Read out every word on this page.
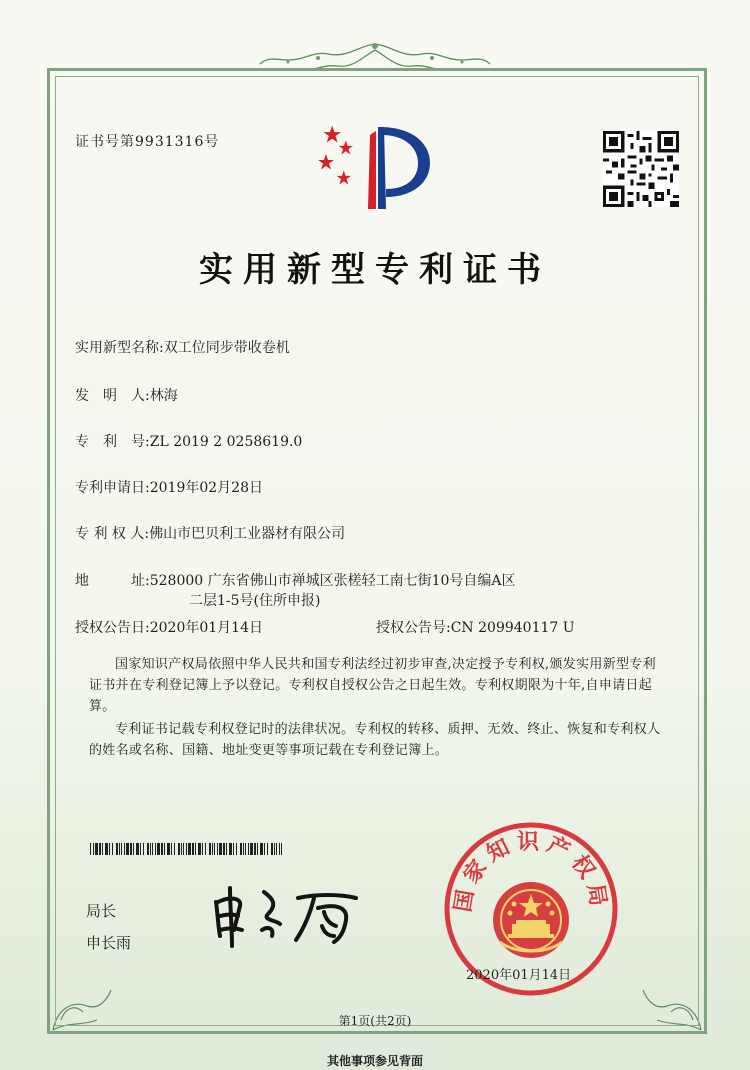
证书号第9931316号
实用新型专利证书
实用新型名称:双工位同步带收卷机
发　明　人:林海
专　利　号:ZL 2019 2 0258619.0
专利申请日:2019年02月28日
专 利 权 人:佛山市巴贝利工业器材有限公司
地　　　址:528000 广东省佛山市禅城区张槎轻工南七街10号自编A区
二层1-5号(住所申报)
授权公告日:2020年01月14日	授权公告号:CN 209940117 U
国家知识产权局依照中华人民共和国专利法经过初步审查,决定授予专利权,颁发实用新型专利证书并在专利登记簿上予以登记。专利权自授权公告之日起生效。专利权期限为十年,自申请日起算。
专利证书记载专利权登记时的法律状况。专利权的转移、质押、无效、终止、恢复和专利权人的姓名或名称、国籍、地址变更等事项记载在专利登记簿上。
局长
申长雨
国家知识产权局
2020年01月14日
第1页(共2页)
其他事项参见背面
